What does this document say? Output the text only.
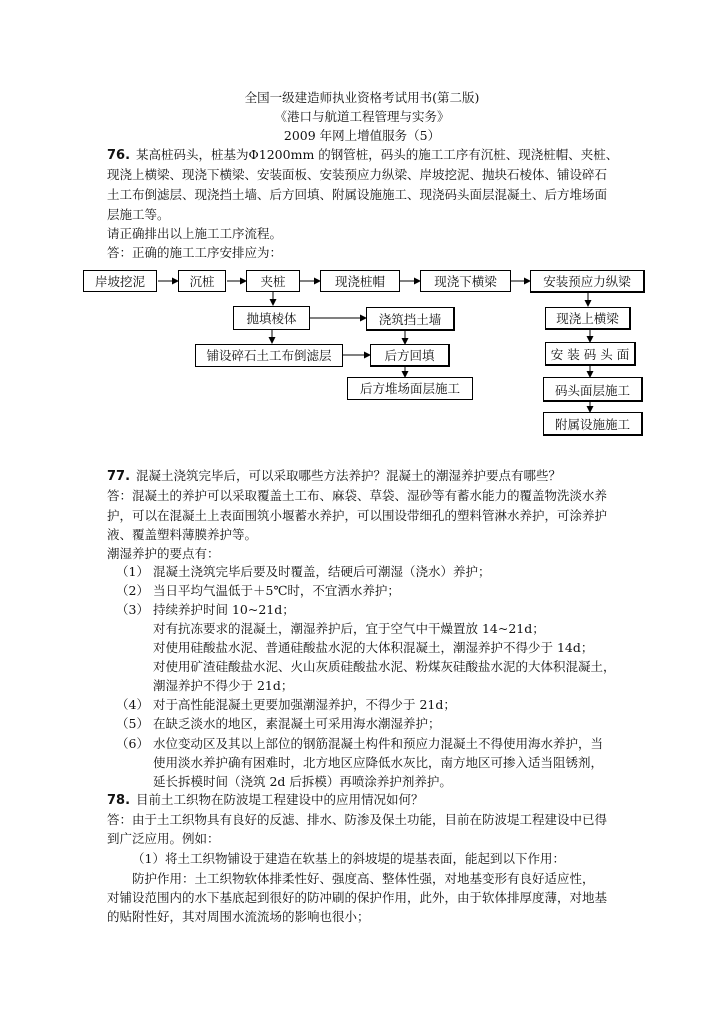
全国一级建造师执业资格考试用书(第二版)
《港口与航道工程管理与实务》
2009 年网上增值服务（5）
76. 某高桩码头，桩基为Φ1200mm 的钢管桩，码头的施工工序有沉桩、现浇桩帽、夹桩、
现浇上横梁、现浇下横梁、安装面板、安装预应力纵梁、岸坡挖泥、抛块石棱体、铺设碎石
土工布倒滤层、现浇挡土墙、后方回填、附属设施施工、现浇码头面层混凝土、后方堆场面
层施工等。
请正确排出以上施工工序流程。
答：正确的施工工序安排应为：
岸坡挖泥	沉桩	夹桩	现浇桩帽	现浇下横梁	安装预应力纵梁
抛填棱体	浇筑挡土墙	现浇上横梁
铺设碎石土工布倒滤层	后方回填	安 装 码 头 面
后方堆场面层施工	码头面层施工
附属设施施工
77. 混凝土浇筑完毕后，可以采取哪些方法养护？混凝土的潮湿养护要点有哪些？
答：混凝土的养护可以采取覆盖土工布、麻袋、草袋、湿砂等有蓄水能力的覆盖物洗淡水养
护，可以在混凝土上表面围筑小堰蓄水养护，可以围设带细孔的塑料管淋水养护，可涂养护
液、覆盖塑料薄膜养护等。
潮湿养护的要点有：
（1） 混凝土浇筑完毕后要及时覆盖，结硬后可潮湿（浇水）养护；
（2） 当日平均气温低于＋5℃时，不宜洒水养护；
（3） 持续养护时间 10~21d；
对有抗冻要求的混凝土，潮湿养护后，宜于空气中干燥置放 14~21d；
对使用硅酸盐水泥、普通硅酸盐水泥的大体积混凝土，潮湿养护不得少于 14d；
对使用矿渣硅酸盐水泥、火山灰质硅酸盐水泥、粉煤灰硅酸盐水泥的大体积混凝土，
潮湿养护不得少于 21d；
（4） 对于高性能混凝土更要加强潮湿养护，不得少于 21d；
（5） 在缺乏淡水的地区，素混凝土可采用海水潮湿养护；
（6） 水位变动区及其以上部位的钢筋混凝土构件和预应力混凝土不得使用海水养护，当
使用淡水养护确有困难时，北方地区应降低水灰比，南方地区可掺入适当阻锈剂，
延长拆模时间（浇筑 2d 后拆模）再喷涂养护剂养护。
78. 目前土工织物在防波堤工程建设中的应用情况如何？
答：由于土工织物具有良好的反滤、排水、防渗及保土功能，目前在防波堤工程建设中已得
到广泛应用。例如：
（1）将土工织物铺设于建造在软基上的斜坡堤的堤基表面，能起到以下作用：
防护作用：土工织物软体排柔性好、强度高、整体性强，对地基变形有良好适应性，
对铺设范围内的水下基底起到很好的防冲刷的保护作用，此外，由于软体排厚度薄，对地基
的贴附性好，其对周围水流流场的影响也很小；
